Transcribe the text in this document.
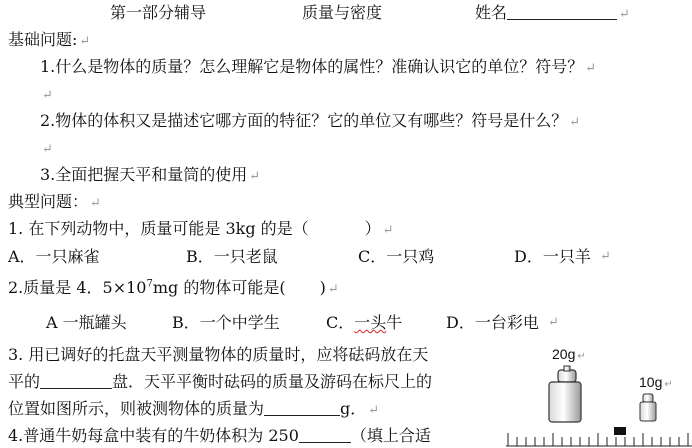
第一部分辅导	质量与密度	姓名	↵
基础问题: ↵
1.什么是物体的质量？怎么理解它是物体的属性？准确认识它的单位？符号？ ↵
↵
2.物体的体积又是描述它哪方面的特征？它的单位又有哪些？符号是什么？ ↵
↵
3.全面把握天平和量筒的使用 ↵
典型问题： ↵
1. 在下列动物中，质量可能是 3kg 的是（	） ↵
A．一只麻雀	B．一只老鼠	C．一只鸡	D．一只羊 ↵
2.质量是 4．$5\times 10^7mg$ 的物体可能是( ) ↵
A 一瓶罐头	B．一个中学生	C．一头牛	D．一台彩电 ↵
3. 用已调好的托盘天平测量物体的质量时，应将砝码放在天
平的	盘．天平平衡时砝码的质量及游码在标尺上的
位置如图所示，则被测物体的质量为	g． ↵
4.普通牛奶每盒中装有的牛奶体积为 250	（填上合适
20g ↵
10g ↵
